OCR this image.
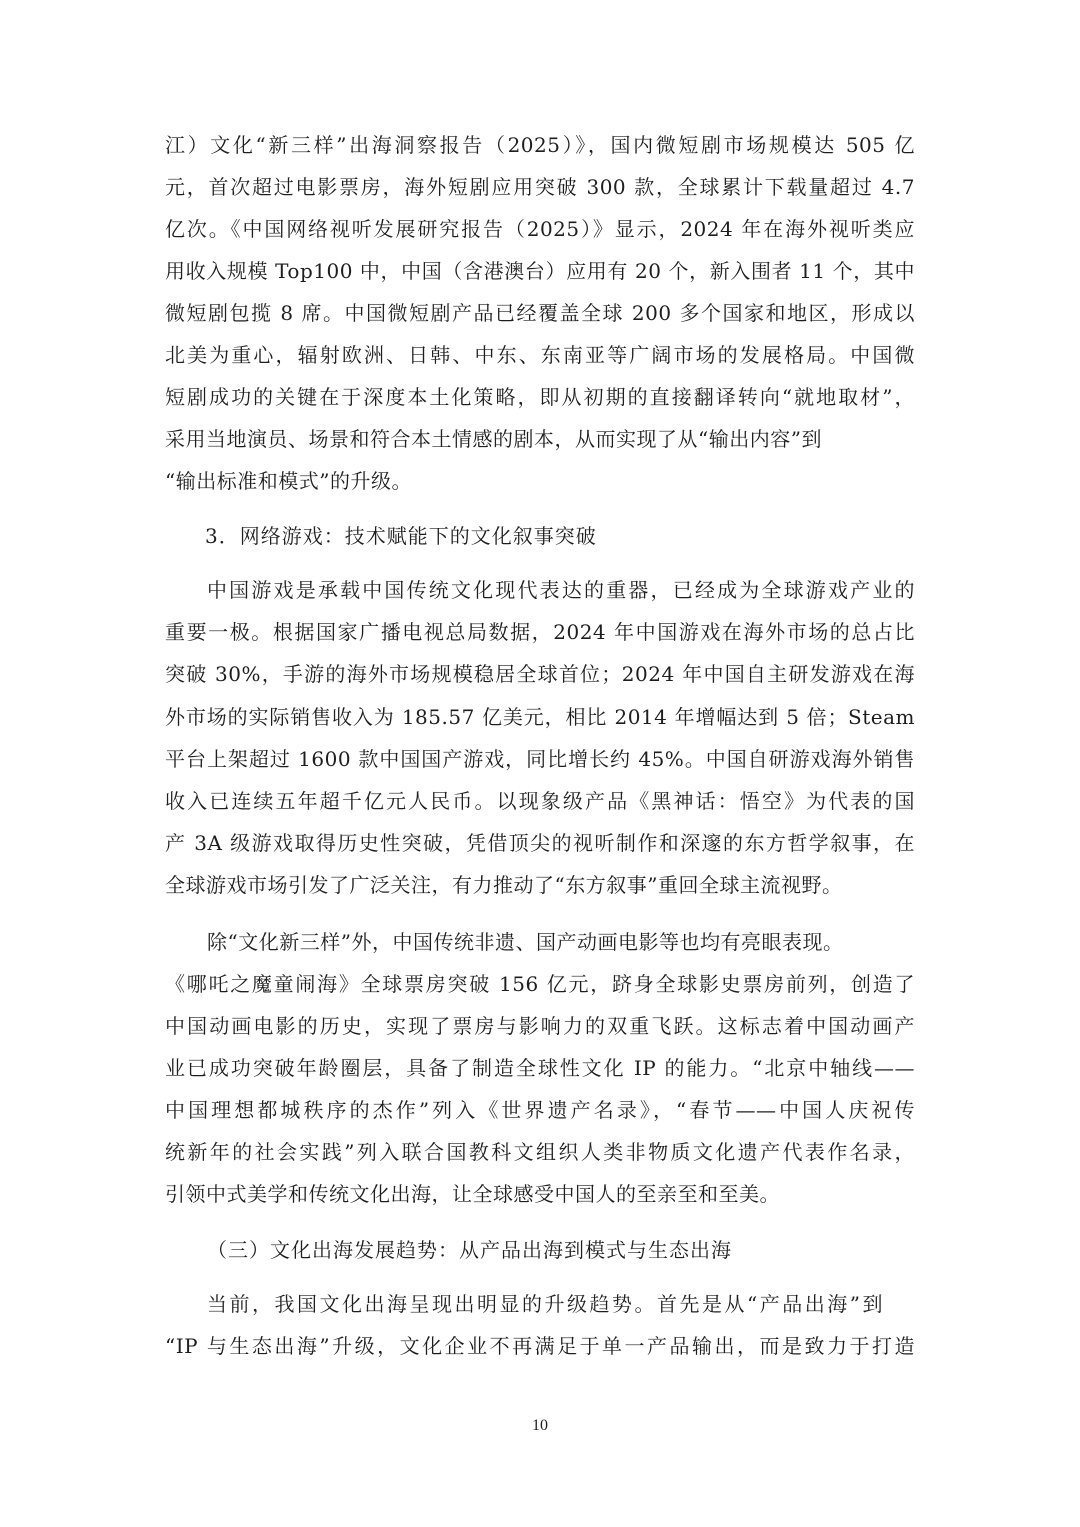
江）文化“新三样”出海洞察报告（2025）》，国内微短剧市场规模达 505 亿
元，首次超过电影票房，海外短剧应用突破 300 款，全球累计下载量超过 4.7
亿次。《中国网络视听发展研究报告（2025）》显示，2024 年在海外视听类应
用收入规模 Top100 中，中国（含港澳台）应用有 20 个，新入围者 11 个，其中
微短剧包揽 8 席。中国微短剧产品已经覆盖全球 200 多个国家和地区，形成以
北美为重心，辐射欧洲、日韩、中东、东南亚等广阔市场的发展格局。中国微
短剧成功的关键在于深度本土化策略，即从初期的直接翻译转向“就地取材”，
采用当地演员、场景和符合本土情感的剧本，从而实现了从“输出内容”到
“输出标准和模式”的升级。
3．网络游戏：技术赋能下的文化叙事突破
中国游戏是承载中国传统文化现代表达的重器，已经成为全球游戏产业的
重要一极。根据国家广播电视总局数据，2024 年中国游戏在海外市场的总占比
突破 30%，手游的海外市场规模稳居全球首位；2024 年中国自主研发游戏在海
外市场的实际销售收入为 185.57 亿美元，相比 2014 年增幅达到 5 倍；Steam
平台上架超过 1600 款中国国产游戏，同比增长约 45%。中国自研游戏海外销售
收入已连续五年超千亿元人民币。以现象级产品《黑神话：悟空》为代表的国
产 3A 级游戏取得历史性突破，凭借顶尖的视听制作和深邃的东方哲学叙事，在
全球游戏市场引发了广泛关注，有力推动了“东方叙事”重回全球主流视野。
除“文化新三样”外，中国传统非遗、国产动画电影等也均有亮眼表现。
《哪吒之魔童闹海》全球票房突破 156 亿元，跻身全球影史票房前列，创造了
中国动画电影的历史，实现了票房与影响力的双重飞跃。这标志着中国动画产
业已成功突破年龄圈层，具备了制造全球性文化 IP 的能力。“北京中轴线——
中国理想都城秩序的杰作”列入《世界遗产名录》，“春节——中国人庆祝传
统新年的社会实践”列入联合国教科文组织人类非物质文化遗产代表作名录，
引领中式美学和传统文化出海，让全球感受中国人的至亲至和至美。
（三）文化出海发展趋势：从产品出海到模式与生态出海
当前，我国文化出海呈现出明显的升级趋势。首先是从“产品出海”到
“IP 与生态出海”升级，文化企业不再满足于单一产品输出，而是致力于打造
10
